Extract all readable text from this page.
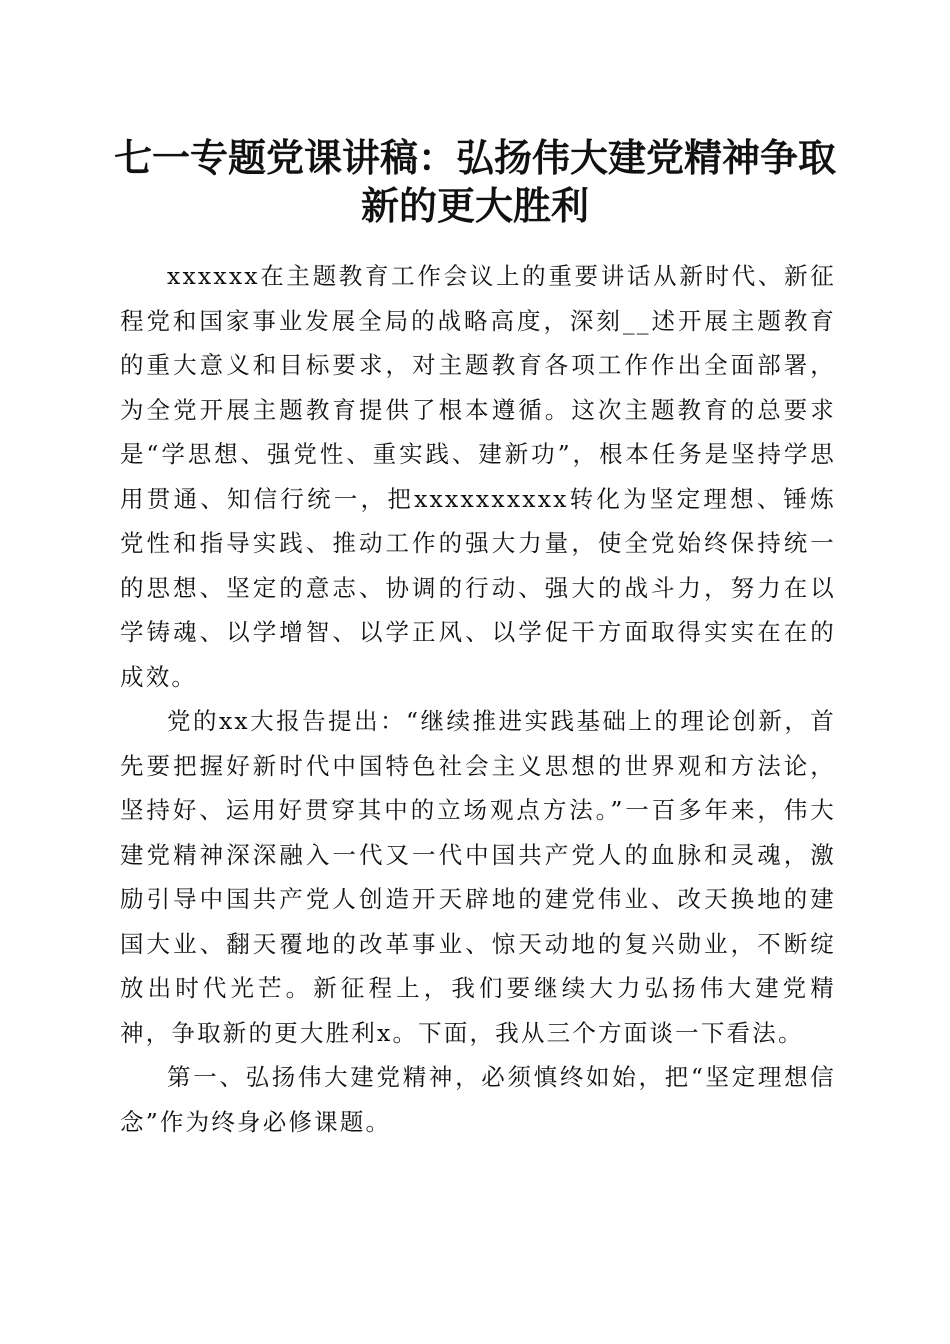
七一专题党课讲稿：弘扬伟大建党精神争取新的更大胜利

xxxxxx在主题教育工作会议上的重要讲话从新时代、新征程党和国家事业发展全局的战略高度，深刻__述开展主题教育的重大意义和目标要求，对主题教育各项工作作出全面部署，为全党开展主题教育提供了根本遵循。这次主题教育的总要求是“学思想、强党性、重实践、建新功”，根本任务是坚持学思用贯通、知信行统一，把xxxxxxxxxx转化为坚定理想、锤炼党性和指导实践、推动工作的强大力量，使全党始终保持统一的思想、坚定的意志、协调的行动、强大的战斗力，努力在以学铸魂、以学增智、以学正风、以学促干方面取得实实在在的成效。

党的xx大报告提出：“继续推进实践基础上的理论创新，首先要把握好新时代中国特色社会主义思想的世界观和方法论，坚持好、运用好贯穿其中的立场观点方法。”一百多年来，伟大建党精神深深融入一代又一代中国共产党人的血脉和灵魂，激励引导中国共产党人创造开天辟地的建党伟业、改天换地的建国大业、翻天覆地的改革事业、惊天动地的复兴勋业，不断绽放出时代光芒。新征程上，我们要继续大力弘扬伟大建党精神，争取新的更大胜利x。下面，我从三个方面谈一下看法。

第一、弘扬伟大建党精神，必须慎终如始，把“坚定理想信念”作为终身必修课题。
